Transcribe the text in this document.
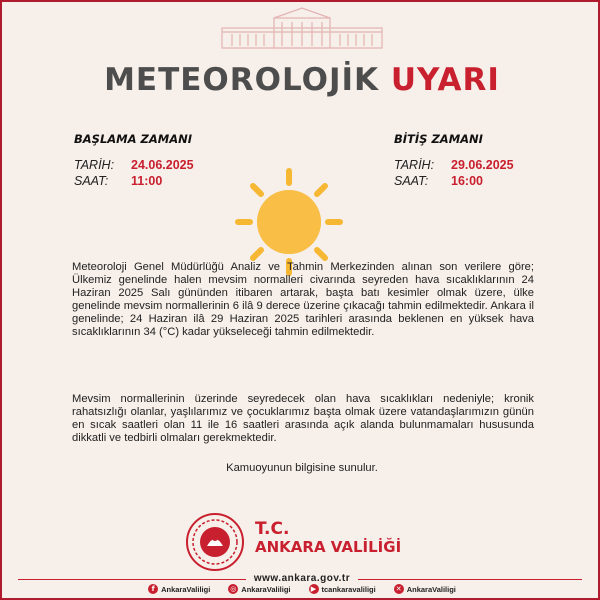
METEOROLOJİK UYARI
BAŞLAMA ZAMANI
TARİH: 24.06.2025
SAAT: 11:00
BİTİŞ ZAMANI
TARİH: 29.06.2025
SAAT: 16:00

Meteoroloji Genel Müdürlüğü Analiz ve Tahmin Merkezinden alınan son verilere göre; Ülkemiz genelinde halen mevsim normalleri civarında seyreden hava sıcaklıklarının 24 Haziran 2025 Salı gününden itibaren artarak, başta batı kesimler olmak üzere, ülke genelinde mevsim normallerinin 6 ilâ 9 derece üzerine çıkacağı tahmin edilmektedir. Ankara il genelinde; 24 Haziran ilâ 29 Haziran 2025 tarihleri arasında beklenen en yüksek hava sıcaklıklarının 34 (°C) kadar yükseleceği tahmin edilmektedir.

Mevsim normallerinin üzerinde seyredecek olan hava sıcaklıkları nedeniyle; kronik rahatsızlığı olanlar, yaşlılarımız ve çocuklarımız başta olmak üzere vatandaşlarımızın günün en sıcak saatleri olan 11 ile 16 saatleri arasında açık alanda bulunmamaları hususunda dikkatli ve tedbirli olmaları gerekmektedir.

Kamuoyunun bilgisine sunulur.
T.C.
ANKARA VALİLİĞİ
www.ankara.gov.tr
f AnkaraValiligi
	◎ AnkaraValiligi
	▶ tcankaravaliligi
	✕ AnkaraValiligi
